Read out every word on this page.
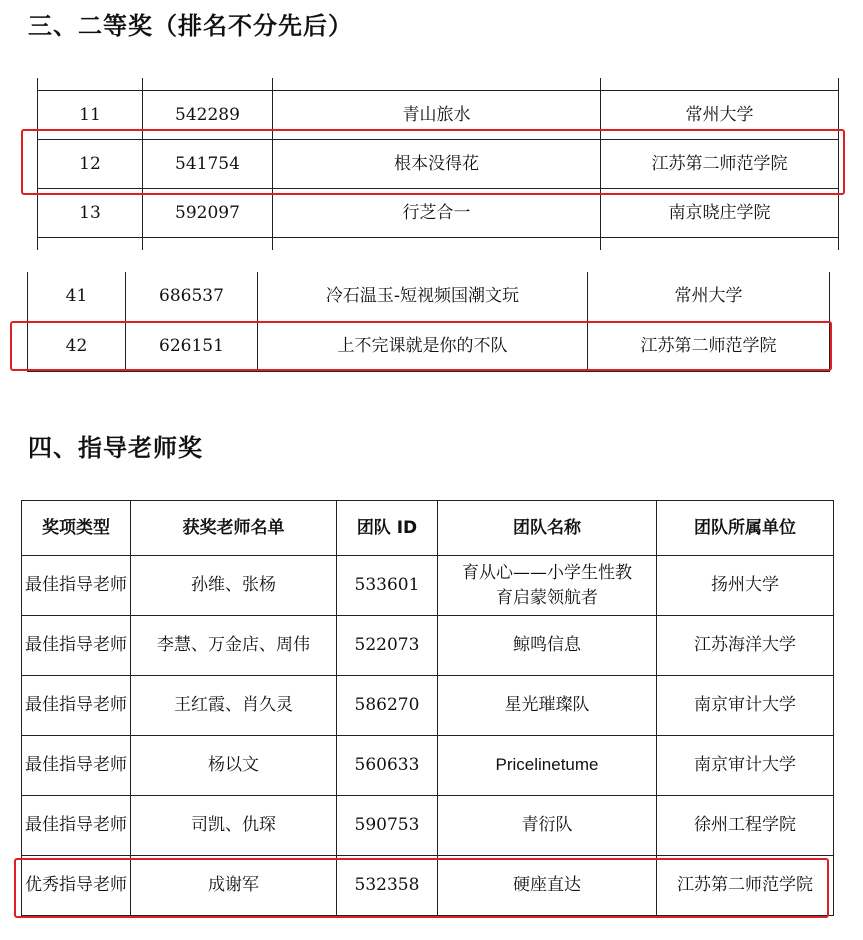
三、二等奖（排名不分先后）

11	542289	青山旅水	常州大学
12	541754	根本没得花	江苏第二师范学院
13	592097	行芝合一	南京晓庄学院

41	686537	冷石温玉-短视频国潮文玩	常州大学
42	626151	上不完课就是你的不队	江苏第二师范学院
四、指导老师奖
奖项类型	获奖老师名单	团队 ID	团队名称	团队所属单位
最佳指导老师	孙维、张杨	533601	育从心——小学生性教育启蒙领航者	扬州大学
最佳指导老师	李慧、万金店、周伟	522073	鲸鸣信息	江苏海洋大学
最佳指导老师	王红霞、肖久灵	586270	星光璀璨队	南京审计大学
最佳指导老师	杨以文	560633	Pricelinetume	南京审计大学
最佳指导老师	司凯、仇琛	590753	青衍队	徐州工程学院
优秀指导老师	成谢军	532358	硬座直达	江苏第二师范学院
